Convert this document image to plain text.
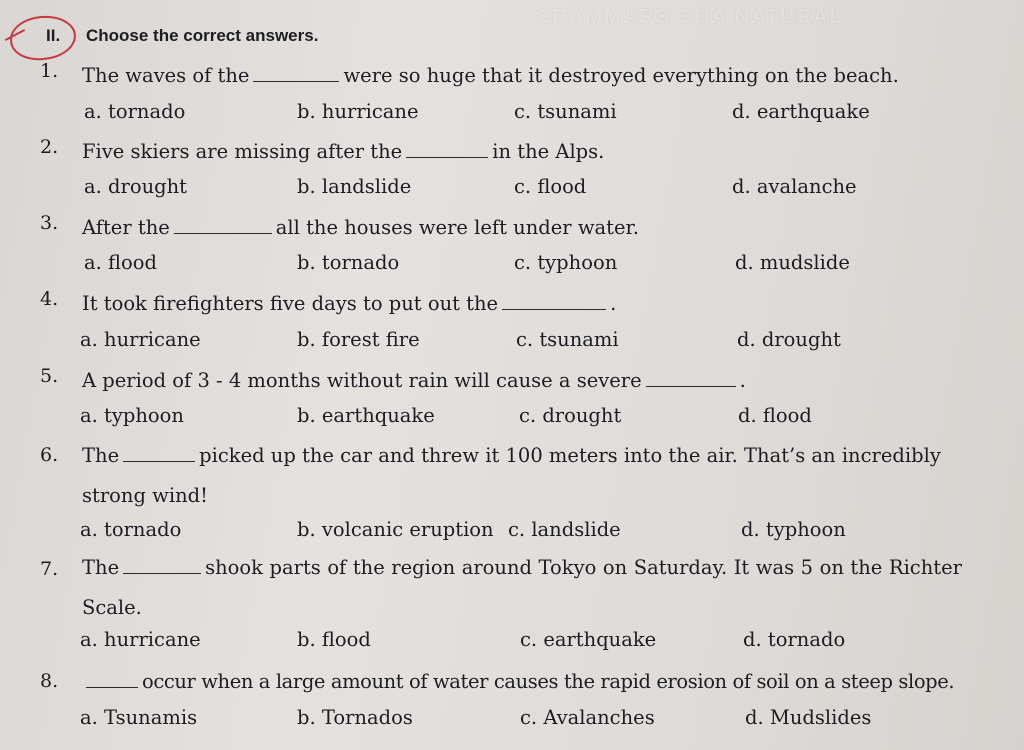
II. Choose the correct answers.
GRAMMARS CHA NATURAL
1. The waves of the	were so huge that it destroyed everything on the beach.
a. tornado	b. hurricane	c. tsunami	d. earthquake
2. Five skiers are missing after the	in the Alps.
a. drought	b. landslide	c. flood	d. avalanche
3. After the	all the houses were left under water.
a. flood	b. tornado	c. typhoon	d. mudslide
4. It took firefighters five days to put out the	.
a. hurricane	b. forest fire	c. tsunami	d. drought
5. A period of 3 - 4 months without rain will cause a severe	.
a. typhoon	b. earthquake	c. drought	d. flood
6. The	picked up the car and threw it 100 meters into the air. That’s an incredibly strong wind!
a. tornado	b. volcanic eruption c. landslide	d. typhoon
7. The	shook parts of the region around Tokyo on Saturday. It was 5 on the Richter Scale.
a. hurricane	b. flood	c. earthquake	d. tornado
8.	occur when a large amount of water causes the rapid erosion of soil on a steep slope.
a. Tsunamis	b. Tornados	c. Avalanches	d. Mudslides
